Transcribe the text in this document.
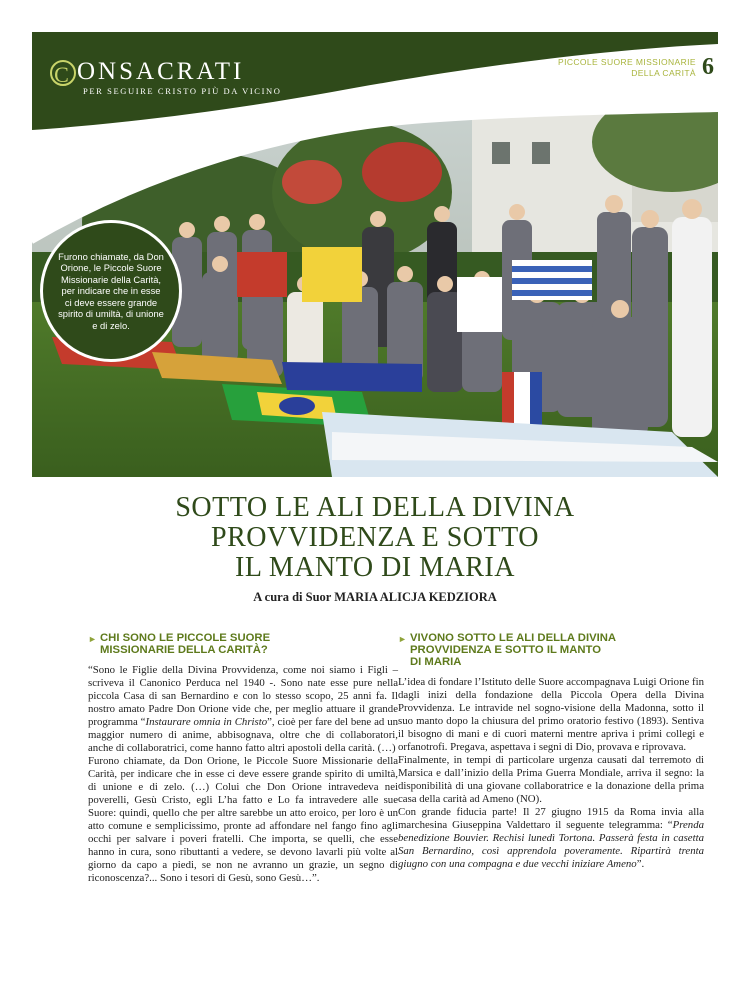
C ONSACRATI
PER SEGUIRE CRISTO PIÙ DA VICINO
PICCOLE SUORE MISSIONARIE
DELLA CARITÀ 6
Furono chiamate, da Don Orione, le Piccole Suore Missionarie della Carità, per indicare che in esse ci deve essere grande spirito di umiltà, di unione e di zelo.
SOTTO LE ALI DELLA DIVINA
PROVVIDENZA E SOTTO
IL MANTO DI MARIA
A cura di Suor MARIA ALICJA KEDZIORA
► CHI SONO LE PICCOLE SUORE
MISSIONARIE DELLA CARITÀ?

“Sono le Figlie della Divina Provvidenza, come noi siamo i Figli – scriveva il Canonico Perduca nel 1940 -. Sono nate esse pure nella piccola Casa di san Bernardino e con lo stesso scopo, 25 anni fa. Il nostro amato Padre Don Orione vide che, per meglio attuare il grande programma “Instaurare omnia in Christo”, cioè per fare del bene ad un maggior numero di anime, abbisognava, oltre che di collaboratori, anche di collaboratrici, come hanno fatto altri apostoli della carità. (…)

Furono chiamate, da Don Orione, le Piccole Suore Missionarie della Carità, per indicare che in esse ci deve essere grande spirito di umiltà, di unione e di zelo. (…) Colui che Don Orione intravedeva nei poverelli, Gesù Cristo, egli L’ha fatto e Lo fa intravedere alle sue Suore: quindi, quello che per altre sarebbe un atto eroico, per loro è un atto comune e semplicissimo, pronte ad affondare nel fango fino agli occhi per salvare i poveri fratelli. Che importa, se quelli, che esse hanno in cura, sono ributtanti a vedere, se devono lavarli più volte al giorno da capo a piedi, se non ne avranno un grazie, un segno di riconoscenza?... Sono i tesori di Gesù, sono Gesù…”.

► VIVONO SOTTO LE ALI DELLA DIVINA
PROVVIDENZA E SOTTO IL MANTO
DI MARIA

L’idea di fondare l’Istituto delle Suore accompagnava Luigi Orione fin dagli inizi della fondazione della Piccola Opera della Divina Provvidenza. Le intravide nel sogno-visione della Madonna, sotto il suo manto dopo la chiusura del primo oratorio festivo (1893). Sentiva il bisogno di mani e di cuori materni mentre apriva i primi collegi e orfanotrofi. Pregava, aspettava i segni di Dio, provava e riprovava.

Finalmente, in tempi di particolare urgenza causati dal terremoto di Marsica e dall’inizio della Prima Guerra Mondiale, arriva il segno: la disponibilità di una giovane collaboratrice e la donazione della prima casa della carità ad Ameno (NO).

Con grande fiducia parte! Il 27 giugno 1915 da Roma invia alla marchesina Giuseppina Valdettaro il seguente telegramma: “Prenda benedizione Bouvier. Rechisi lunedì Tortona. Passerà festa in casetta San Bernardino, così apprendola poveramente. Ripartirà trenta giugno con una compagna e due vecchi iniziare Ameno”.
